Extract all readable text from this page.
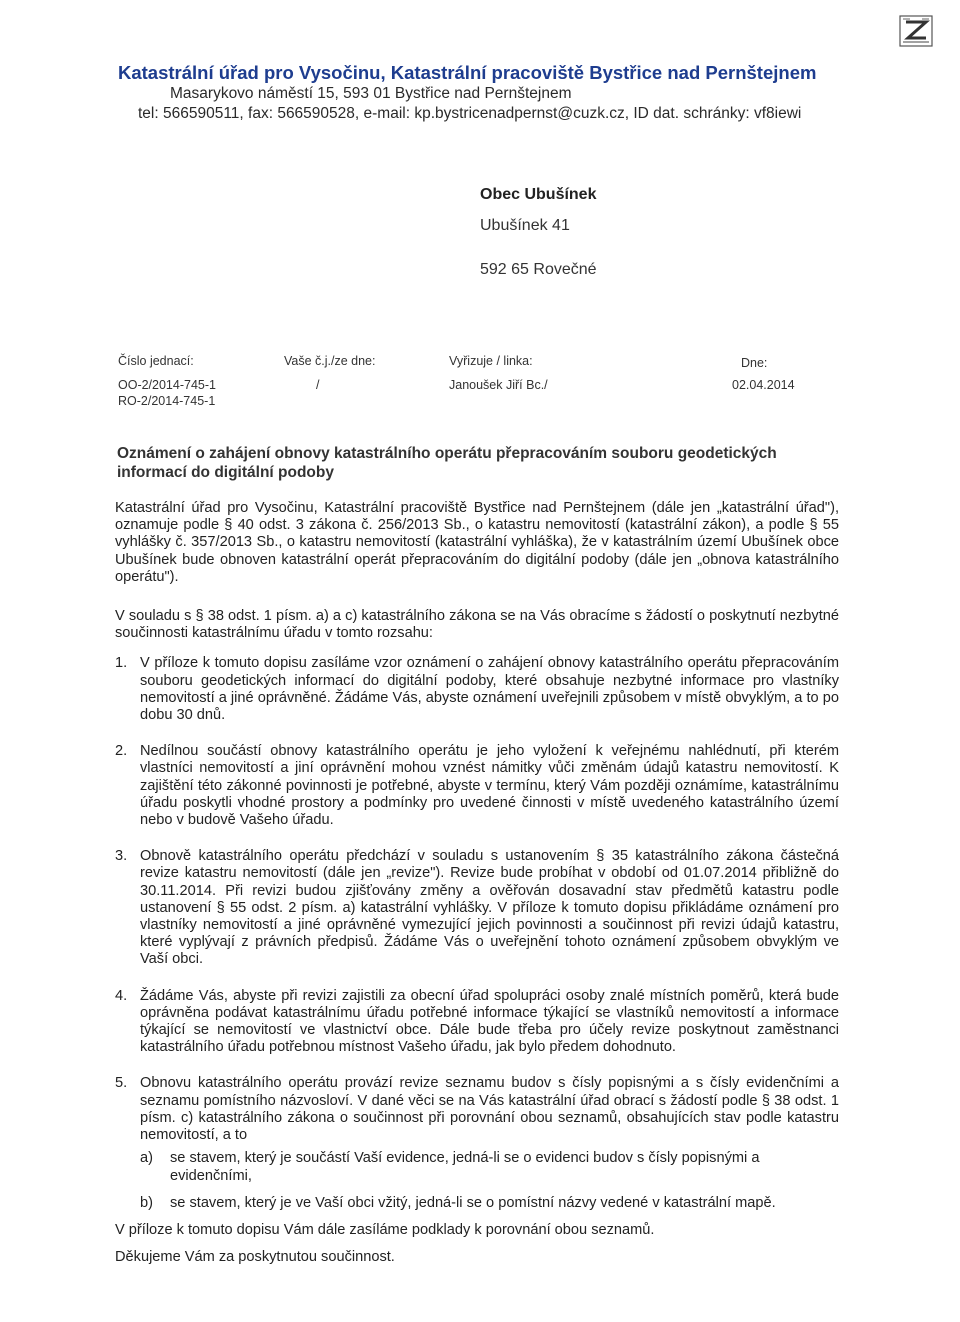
Katastrální úřad pro Vysočinu, Katastrální pracoviště Bystřice nad Pernštejnem
Masarykovo náměstí 15, 593 01 Bystřice nad Pernštejnem
tel: 566590511, fax: 566590528, e-mail: kp.bystricenadpernst@cuzk.cz, ID dat. schránky: vf8iewi
Obec Ubušínek
Ubušínek 41
592 65 Rovečné
Číslo jednací:
OO-2/2014-745-1
RO-2/2014-745-1
Vaše č.j./ze dne:
/
Vyřizuje / linka:
Janoušek Jiří Bc./
Dne:
02.04.2014
Oznámení o zahájení obnovy katastrálního operátu přepracováním souboru geodetických informací do digitální podoby

Katastrální úřad pro Vysočinu, Katastrální pracoviště Bystřice nad Pernštejnem (dále jen „katastrální úřad"), oznamuje podle § 40 odst. 3 zákona č. 256/2013 Sb., o katastru nemovitostí (katastrální zákon), a podle § 55 vyhlášky č. 357/2013 Sb., o katastru nemovitostí (katastrální vyhláška), že v katastrálním území Ubušínek obce Ubušínek bude obnoven katastrální operát přepracováním do digitální podoby (dále jen „obnova katastrálního operátu").

V souladu s § 38 odst. 1 písm. a) a c) katastrálního zákona se na Vás obracíme s žádostí o poskytnutí nezbytné součinnosti katastrálnímu úřadu v tomto rozsahu:

1. V příloze k tomuto dopisu zasíláme vzor oznámení o zahájení obnovy katastrálního operátu přepracováním souboru geodetických informací do digitální podoby, které obsahuje nezbytné informace pro vlastníky nemovitostí a jiné oprávněné. Žádáme Vás, abyste oznámení uveřejnili způsobem v místě obvyklým, a to po dobu 30 dnů.
2. Nedílnou součástí obnovy katastrálního operátu je jeho vyložení k veřejnému nahlédnutí, při kterém vlastníci nemovitostí a jiní oprávnění mohou vznést námitky vůči změnám údajů katastru nemovitostí. K zajištění této zákonné povinnosti je potřebné, abyste v termínu, který Vám později oznámíme, katastrálnímu úřadu poskytli vhodné prostory a podmínky pro uvedené činnosti v místě uvedeného katastrálního území nebo v budově Vašeho úřadu.
3. Obnově katastrálního operátu předchází v souladu s ustanovením § 35 katastrálního zákona částečná revize katastru nemovitostí (dále jen „revize"). Revize bude probíhat v období od 01.07.2014 přibližně do 30.11.2014. Při revizi budou zjišťovány změny a ověřován dosavadní stav předmětů katastru podle ustanovení § 55 odst. 2 písm. a) katastrální vyhlášky. V příloze k tomuto dopisu přikládáme oznámení pro vlastníky nemovitostí a jiné oprávněné vymezující jejich povinnosti a součinnost při revizi údajů katastru, které vyplývají z právních předpisů. Žádáme Vás o uveřejnění tohoto oznámení způsobem obvyklým ve Vaší obci.
4. Žádáme Vás, abyste při revizi zajistili za obecní úřad spolupráci osoby znalé místních poměrů, která bude oprávněna podávat katastrálnímu úřadu potřebné informace týkající se vlastníků nemovitostí a informace týkající se nemovitostí ve vlastnictví obce. Dále bude třeba pro účely revize poskytnout zaměstnanci katastrálního úřadu potřebnou místnost Vašeho úřadu, jak bylo předem dohodnuto.
5. Obnovu katastrálního operátu provází revize seznamu budov s čísly popisnými a s čísly evidenčními a seznamu pomístního názvosloví. V dané věci se na Vás katastrální úřad obrací s žádostí podle § 38 odst. 1 písm. c) katastrálního zákona o součinnost při porovnání obou seznamů, obsahujících stav podle katastru nemovitostí, a to
a) se stavem, který je součástí Vaší evidence, jedná-li se o evidenci budov s čísly popisnými a evidenčními,
b) se stavem, který je ve Vaší obci vžitý, jedná-li se o pomístní názvy vedené v katastrální mapě.

V příloze k tomuto dopisu Vám dále zasíláme podklady k porovnání obou seznamů.

Děkujeme Vám za poskytnutou součinnost.
